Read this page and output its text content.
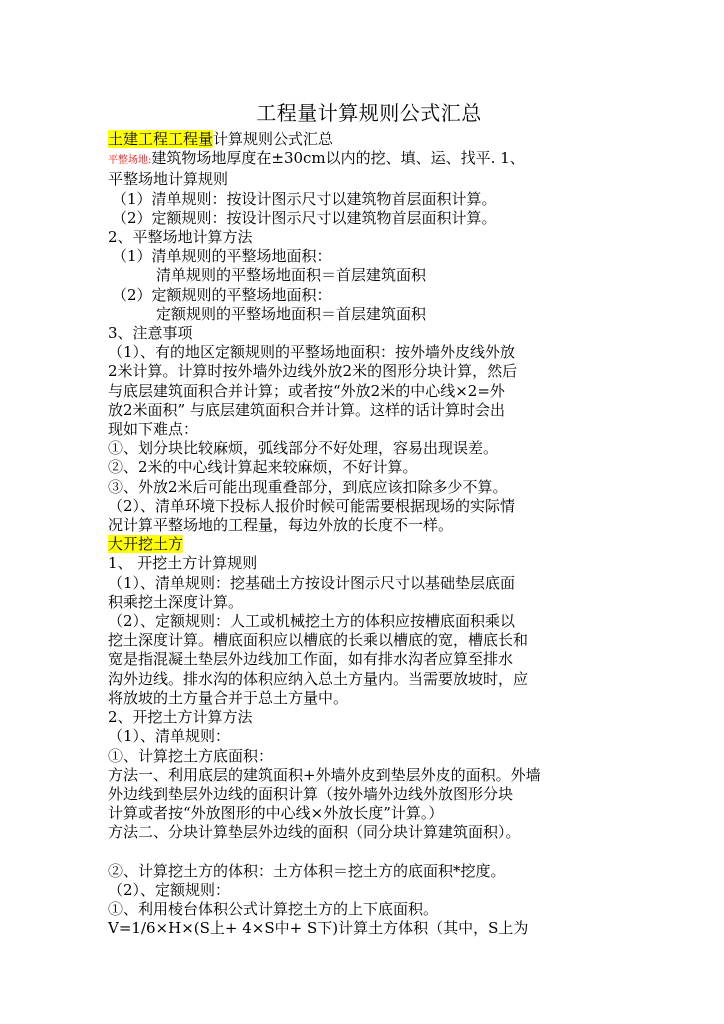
工程量计算规则公式汇总
土建工程工程量计算规则公式汇总
平整场地:建筑物场地厚度在±30cm以内的挖、填、运、找平. 1、
平整场地计算规则
（1）清单规则：按设计图示尺寸以建筑物首层面积计算。
（2）定额规则：按设计图示尺寸以建筑物首层面积计算。
2、平整场地计算方法
（1）清单规则的平整场地面积：
清单规则的平整场地面积＝首层建筑面积
（2）定额规则的平整场地面积：
定额规则的平整场地面积＝首层建筑面积
3、注意事项
（1）、有的地区定额规则的平整场地面积：按外墙外皮线外放
2米计算。计算时按外墙外边线外放2米的图形分块计算，然后
与底层建筑面积合并计算；或者按“外放2米的中心线×2=外
放2米面积” 与底层建筑面积合并计算。这样的话计算时会出
现如下难点：
①、划分块比较麻烦，弧线部分不好处理，容易出现误差。
②、2米的中心线计算起来较麻烦，不好计算。
③、外放2米后可能出现重叠部分，到底应该扣除多少不算。
（2）、清单环境下投标人报价时候可能需要根据现场的实际情
况计算平整场地的工程量，每边外放的长度不一样。
大开挖土方
1、 开挖土方计算规则
（1）、清单规则：挖基础土方按设计图示尺寸以基础垫层底面
积乘挖土深度计算。
（2）、定额规则：人工或机械挖土方的体积应按槽底面积乘以
挖土深度计算。槽底面积应以槽底的长乘以槽底的宽，槽底长和
宽是指混凝土垫层外边线加工作面，如有排水沟者应算至排水
沟外边线。排水沟的体积应纳入总土方量内。当需要放坡时，应
将放坡的土方量合并于总土方量中。
2、开挖土方计算方法
（1）、清单规则：
①、计算挖土方底面积：
方法一、利用底层的建筑面积+外墙外皮到垫层外皮的面积。外墙
外边线到垫层外边线的面积计算（按外墙外边线外放图形分块
计算或者按“外放图形的中心线×外放长度”计算。）
方法二、分块计算垫层外边线的面积（同分块计算建筑面积）。
②、计算挖土方的体积：土方体积＝挖土方的底面积*挖度。
（2）、定额规则：
①、利用棱台体积公式计算挖土方的上下底面积。
V=1/6×H×(S上+ 4×S中+ S下)计算土方体积（其中，S上为
